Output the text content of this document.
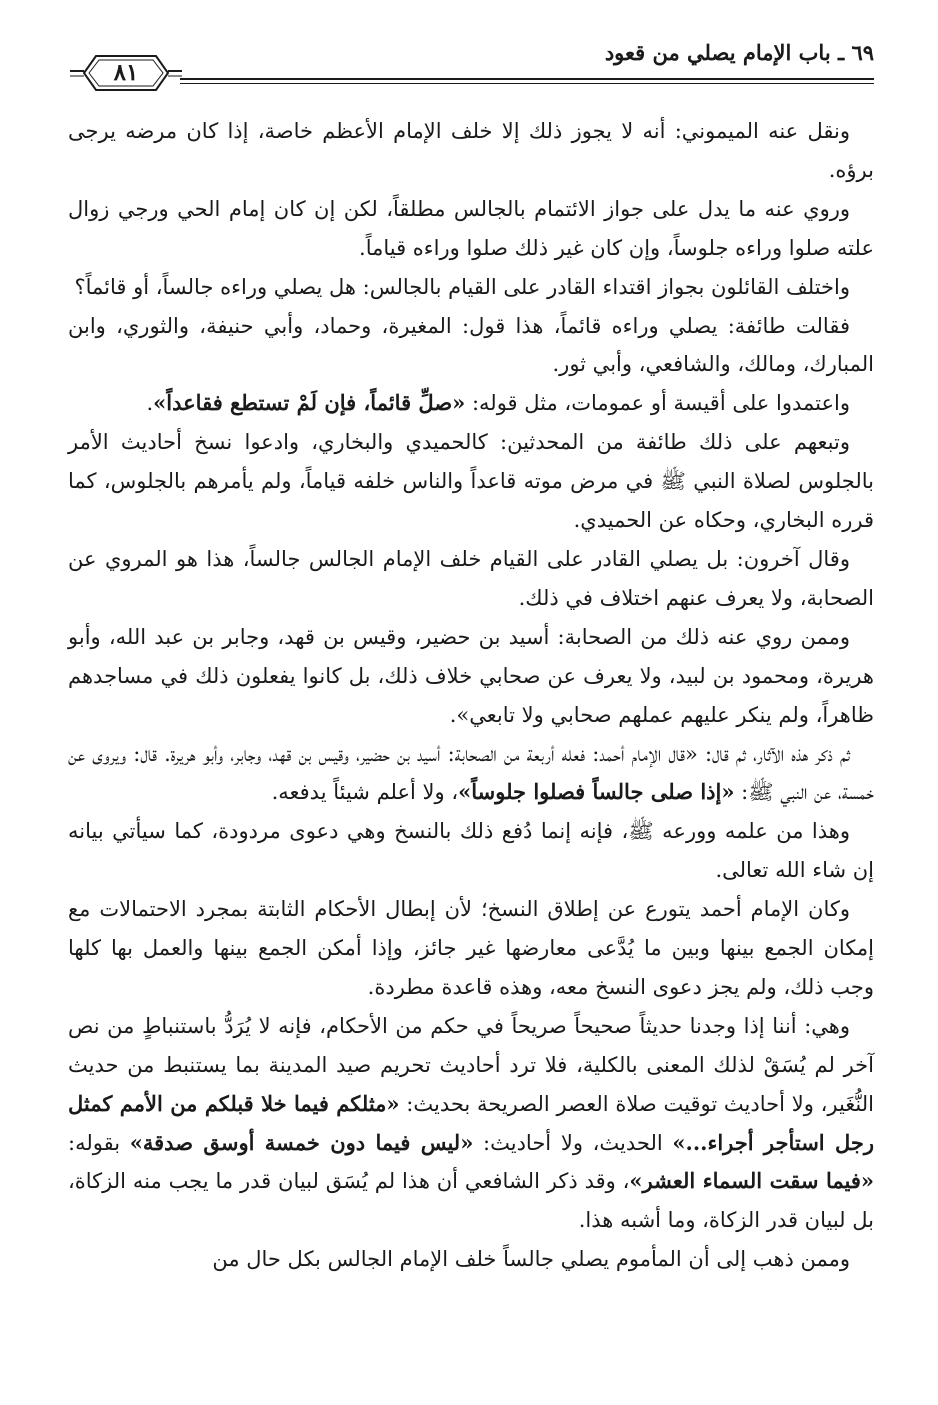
٦٩ ـ باب الإمام يصلي من قعود
٨١

ونقل عنه الميموني: أنه لا يجوز ذلك إلا خلف الإمام الأعظم خاصة، إذا كان مرضه يرجى برؤه.

وروي عنه ما يدل على جواز الائتمام بالجالس مطلقاً، لكن إن كان إمام الحي ورجي زوال علته صلوا وراءه جلوساً، وإن كان غير ذلك صلوا وراءه قياماً.

واختلف القائلون بجواز اقتداء القادر على القيام بالجالس: هل يصلي وراءه جالساً، أو قائماً؟

فقالت طائفة: يصلي وراءه قائماً، هذا قول: المغيرة، وحماد، وأبي حنيفة، والثوري، وابن المبارك، ومالك، والشافعي، وأبي ثور.

واعتمدوا على أقيسة أو عمومات، مثل قوله: «صلِّ قائماً، فإن لَمْ تستطع فقاعداً».

وتبعهم على ذلك طائفة من المحدثين: كالحميدي والبخاري، وادعوا نسخ أحاديث الأمر بالجلوس لصلاة النبي ﷺ في مرض موته قاعداً والناس خلفه قياماً، ولم يأمرهم بالجلوس، كما قرره البخاري، وحكاه عن الحميدي.

وقال آخرون: بل يصلي القادر على القيام خلف الإمام الجالس جالساً، هذا هو المروي عن الصحابة، ولا يعرف عنهم اختلاف في ذلك.

وممن روي عنه ذلك من الصحابة: أسيد بن حضير، وقيس بن قهد، وجابر بن عبد الله، وأبو هريرة، ومحمود بن لبيد، ولا يعرف عن صحابي خلاف ذلك، بل كانوا يفعلون ذلك في مساجدهم ظاهراً، ولم ينكر عليهم عملهم صحابي ولا تابعي».

ثم ذكر هذه الآثار، ثم قال: «قال الإمام أحمد: فعله أربعة من الصحابة: أسيد بن حضير، وقيس بن قهد، وجابر، وأبو هريرة. قال: ويروى عن خمسة، عن النبي ﷺ: «إذا صلى جالساً فصلوا جلوساً»، ولا أعلم شيئاً يدفعه.

وهذا من علمه وورعه ﷺ، فإنه إنما دُفع ذلك بالنسخ وهي دعوى مردودة، كما سيأتي بيانه إن شاء الله تعالى.

وكان الإمام أحمد يتورع عن إطلاق النسخ؛ لأن إبطال الأحكام الثابتة بمجرد الاحتمالات مع إمكان الجمع بينها وبين ما يُدَّعى معارضها غير جائز، وإذا أمكن الجمع بينها والعمل بها كلها وجب ذلك، ولم يجز دعوى النسخ معه، وهذه قاعدة مطردة.

وهي: أننا إذا وجدنا حديثاً صحيحاً صريحاً في حكم من الأحكام، فإنه لا يُرَدُّ باستنباطٍ من نص آخر لم يُسَقْ لذلك المعنى بالكلية، فلا ترد أحاديث تحريم صيد المدينة بما يستنبط من حديث النُّغَير، ولا أحاديث توقيت صلاة العصر الصريحة بحديث: «مثلكم فيما خلا قبلكم من الأمم كمثل رجل استأجر أجراء...» الحديث، ولا أحاديث: «ليس فيما دون خمسة أوسق صدقة» بقوله: «فيما سقت السماء العشر»، وقد ذكر الشافعي أن هذا لم يُسَق لبيان قدر ما يجب منه الزكاة، بل لبيان قدر الزكاة، وما أشبه هذا.

وممن ذهب إلى أن المأموم يصلي جالساً خلف الإمام الجالس بكل حال من
